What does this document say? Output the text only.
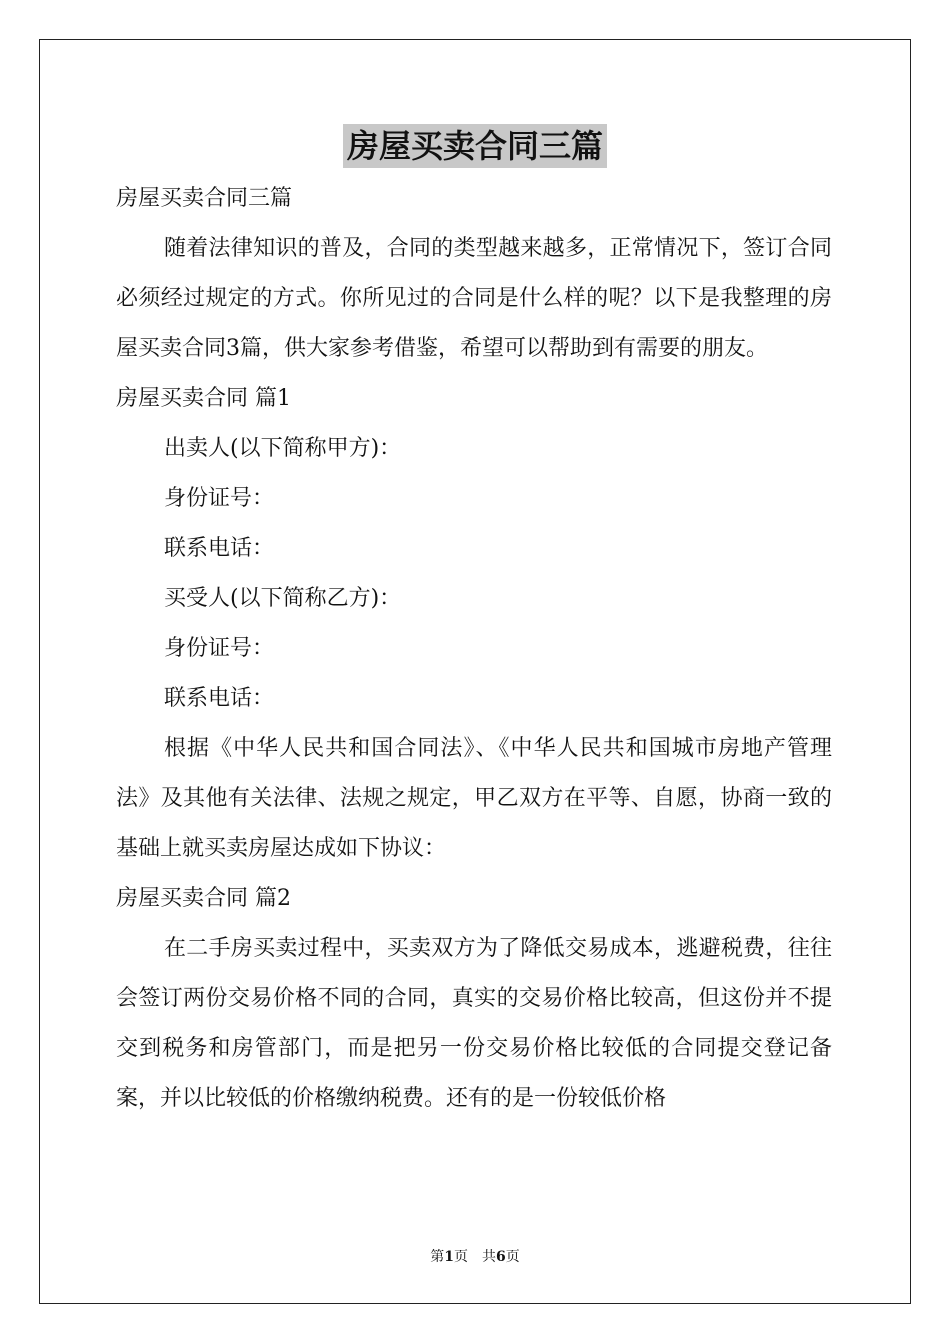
房屋买卖合同三篇
房屋买卖合同三篇
随着法律知识的普及，合同的类型越来越多，正常情况下，签订合同必须经过规定的方式。你所见过的合同是什么样的呢？以下是我整理的房屋买卖合同3篇，供大家参考借鉴，希望可以帮助到有需要的朋友。
房屋买卖合同 篇1
出卖人(以下简称甲方)：
身份证号：
联系电话：
买受人(以下简称乙方)：
身份证号：
联系电话：
根据《中华人民共和国合同法》、《中华人民共和国城市房地产管理法》及其他有关法律、法规之规定，甲乙双方在平等、自愿，协商一致的基础上就买卖房屋达成如下协议：
房屋买卖合同 篇2
在二手房买卖过程中，买卖双方为了降低交易成本，逃避税费，往往会签订两份交易价格不同的合同，真实的交易价格比较高，但这份并不提交到税务和房管部门，而是把另一份交易价格比较低的合同提交登记备案，并以比较低的价格缴纳税费。还有的是一份较低价格
第1页 共6页
